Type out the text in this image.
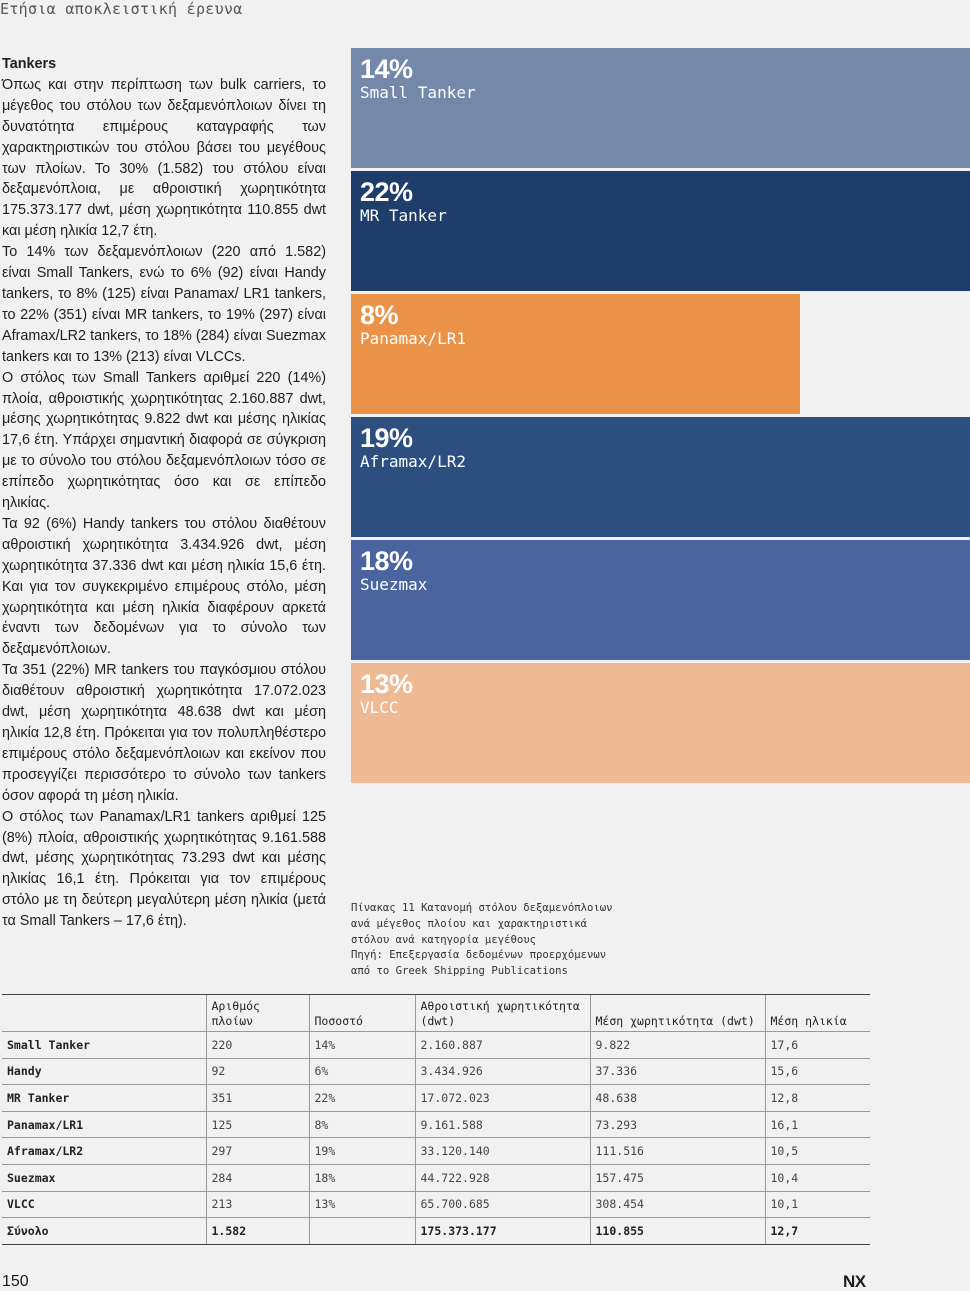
Ετήσια αποκλειστική έρευνα
Tankers

Όπως και στην περίπτωση των bulk carriers, το μέγεθος του στόλου των δεξαμενόπλοιων δίνει τη δυνατότητα επιμέρους καταγραφής των χαρακτηριστικών του στόλου βάσει του μεγέθους των πλοίων. Το 30% (1.582) του στόλου είναι δεξαμενόπλοια, με αθροιστική χωρητικότητα 175.373.177 dwt, μέση χωρητικότητα 110.855 dwt και μέση ηλικία 12,7 έτη.

Το 14% των δεξαμενόπλοιων (220 από 1.582) είναι Small Tankers, ενώ το 6% (92) είναι Handy tankers, το 8% (125) είναι Panamax/ LR1 tankers, το 22% (351) είναι MR tankers, το 19% (297) είναι Aframax/LR2 tankers, το 18% (284) είναι Suezmax tankers και το 13% (213) είναι VLCCs.

Ο στόλος των Small Tankers αριθμεί 220 (14%) πλοία, αθροιστικής χωρητικότητας 2.160.887 dwt, μέσης χωρητικότητας 9.822 dwt και μέσης ηλικίας 17,6 έτη. Υπάρχει σημαντική διαφορά σε σύγκριση με το σύνολο του στόλου δεξαμενόπλοιων τόσο σε επίπεδο χωρητικότητας όσο και σε επίπεδο ηλικίας.

Τα 92 (6%) Handy tankers του στόλου διαθέτουν αθροιστική χωρητικότητα 3.434.926 dwt, μέση χωρητικότητα 37.336 dwt και μέση ηλικία 15,6 έτη. Και για τον συγκεκριμένο επιμέρους στόλο, μέση χωρητικότητα και μέση ηλικία διαφέρουν αρκετά έναντι των δεδομένων για το σύνολο των δεξαμενόπλοιων.

Τα 351 (22%) MR tankers του παγκόσμιου στόλου διαθέτουν αθροιστική χωρητικότητα 17.072.023 dwt, μέση χωρητικότητα 48.638 dwt και μέση ηλικία 12,8 έτη. Πρόκειται για τον πολυπληθέστερο επιμέρους στόλο δεξαμενόπλοιων και εκείνον που προσεγγίζει περισσότερο το σύνολο των tankers όσον αφορά τη μέση ηλικία.

Ο στόλος των Panamax/LR1 tankers αριθμεί 125 (8%) πλοία, αθροιστικής χωρητικότητας 9.161.588 dwt, μέσης χωρητικότητας 73.293 dwt και μέσης ηλικίας 16,1 έτη. Πρόκειται για τον επιμέρους στόλο με τη δεύτερη μεγαλύτερη μέση ηλικία (μετά τα Small Tankers – 17,6 έτη).

14%
Small Tanker
22%
MR Tanker
8%
Panamax/LR1
19%
Aframax/LR2
18%
Suezmax
13%
VLCC
Πίνακας 11 Κατανομή στόλου δεξαμενόπλοιων
ανά μέγεθος πλοίου και χαρακτηριστικά
στόλου ανά κατηγορία μεγέθους
Πηγή: Επεξεργασία δεδομένων προερχόμενων
από το Greek Shipping Publications
	Αριθμός πλοίων	Ποσοστό	Αθροιστική χωρητικότητα (dwt)	Μέση χωρητικότητα (dwt)	Μέση ηλικία
Small Tanker	220	14%	2.160.887	9.822	17,6
Handy	92	6%	3.434.926	37.336	15,6
MR Tanker	351	22%	17.072.023	48.638	12,8
Panamax/LR1	125	8%	9.161.588	73.293	16,1
Aframax/LR2	297	19%	33.120.140	111.516	10,5
Suezmax	284	18%	44.722.928	157.475	10,4
VLCC	213	13%	65.700.685	308.454	10,1
Σύνολο	1.582		175.373.177	110.855	12,7
150	NX
